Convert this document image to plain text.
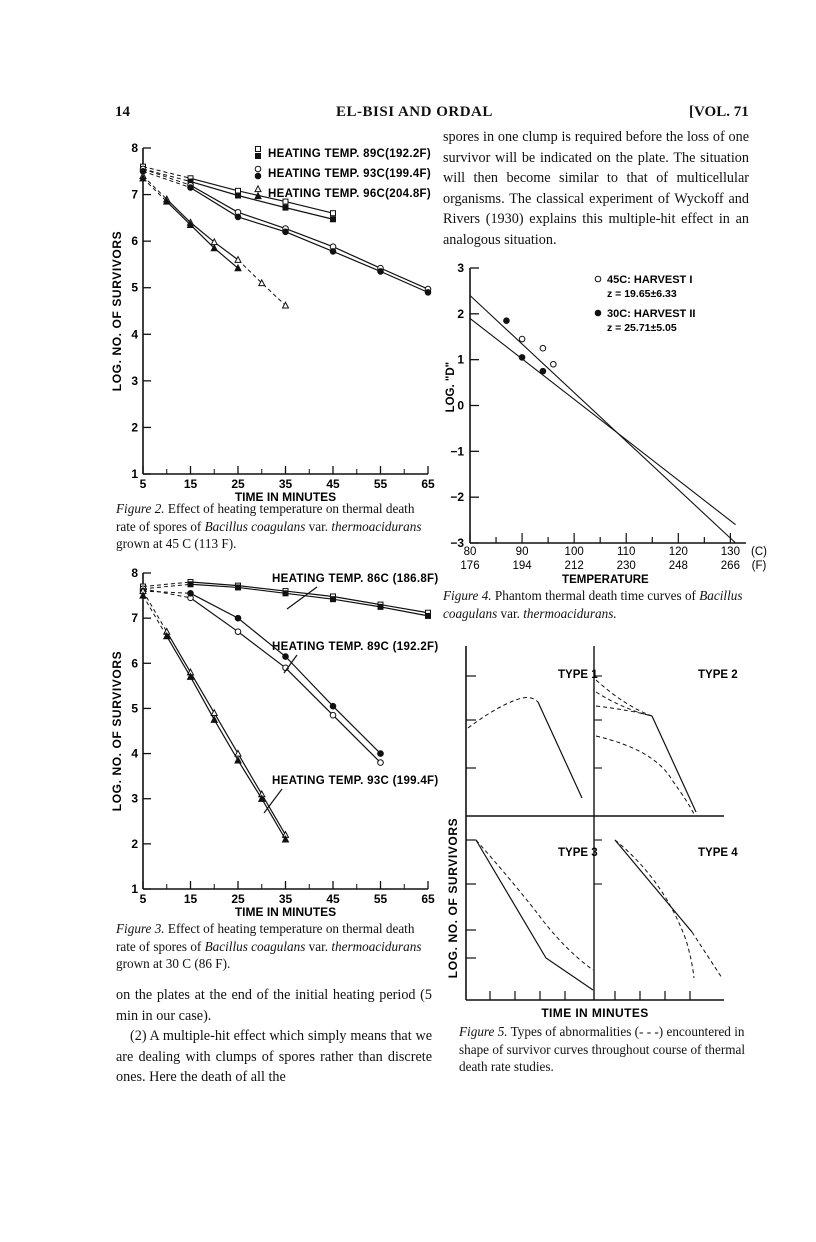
14	EL-BISI AND ORDAL	[VOL. 71
1
2
3
4
5
6
7
8
5	15	25	35	45	55	65
TIME IN MINUTES
LOG. NO. OF SURVIVORS
HEATING TEMP. 89C(192.2F)
HEATING TEMP. 93C(199.4F)
HEATING TEMP. 96C(204.8F)
Figure 2. Effect of heating temperature on thermal death rate of spores of Bacillus coagulans var. thermoacidurans grown at 45 C (113 F).
1
2
3
4
5
6
7
8
5	15	25	35	45	55	65
TIME IN MINUTES
LOG. NO. OF SURVIVORS
HEATING TEMP. 86C (186.8F)
HEATING TEMP. 89C (192.2F)
HEATING TEMP. 93C (199.4F)
Figure 3. Effect of heating temperature on thermal death rate of spores of Bacillus coagulans var. thermoacidurans grown at 30 C (86 F).
on the plates at the end of the initial heating period (5 min in our case).
(2) A multiple-hit effect which simply means that we are dealing with clumps of spores rather than discrete ones. Here the death of all the
spores in one clump is required before the loss of one survivor will be indicated on the plate. The situation will then become similar to that of multicellular organisms. The classical experiment of Wyckoff and Rivers (1930) explains this multiple-hit effect in an analogous situation.
−3
−2
−1
0
1
2
3
80	90	100	110	120	130 (C)
176	194	212	230	248	266 (F)
TEMPERATURE
LOG. "D"
45C: HARVEST I
z = 19.65±6.33
30C: HARVEST II
z = 25.71±5.05
Figure 4. Phantom thermal death time curves of Bacillus coagulans var. thermoacidurans.
TIME IN MINUTES
LOG. NO. OF SURVIVORS
TYPE 1	TYPE 2
TYPE 3	TYPE 4
Figure 5. Types of abnormalities (- - -) encountered in shape of survivor curves throughout course of thermal death rate studies.
